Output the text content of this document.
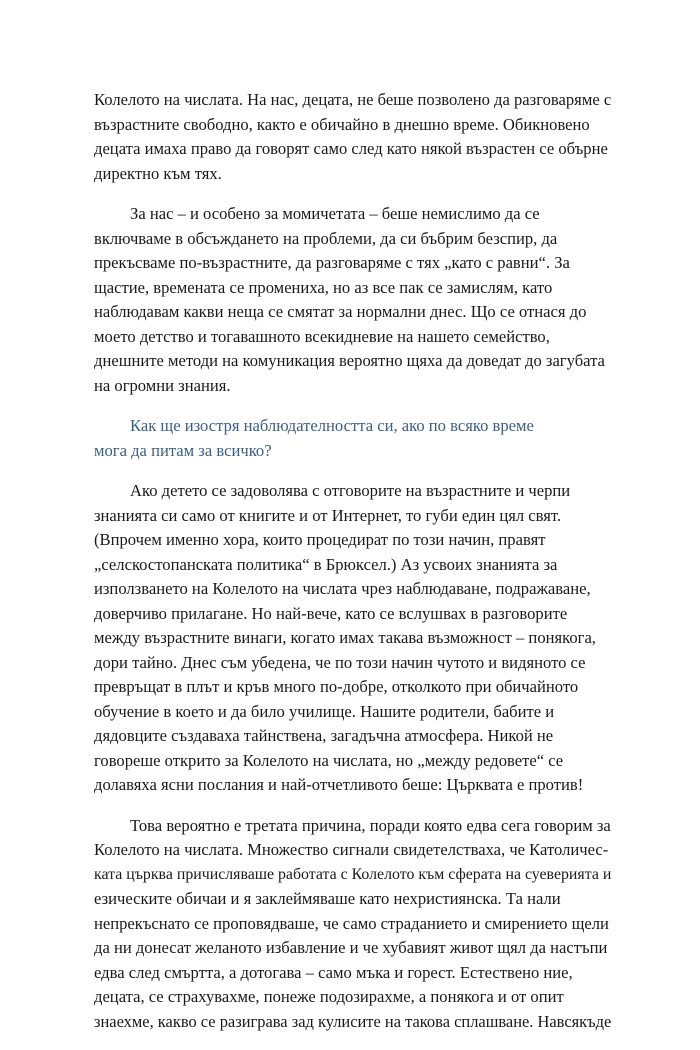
Колелото на числата. На нас, децата, не беше позволено да разговаряме с
възрастните свободно, както е обичайно в днешно време. Обикновено
децата имаха право да говорят само след като някой възрастен се обърне
директно към тях.

За нас – и особено за момичетата – беше немислимо да се
включваме в обсъждането на проблеми, да си бъбрим безспир, да
прекъсваме по-възрастните, да разговаряме с тях „като с равни“. За
щастие, времената се промениха, но аз все пак се замислям, като
наблюдавам какви неща се смятат за нормални днес. Що се отнася до
моето детство и тогавашното всекидневие на нашето семейство,
днешните методи на комуникация вероятно щяха да доведат до загубата
на огромни знания.

Как ще изостря наблюдателността си, ако по всяко време
мога да питам за всичко?

Ако детето се задоволява с отговорите на възрастните и черпи
знанията си само от книгите и от Интернет, то губи един цял свят.
(Впрочем именно хора, които процедират по този начин, правят
„селскостопанската политика“ в Брюксел.) Аз усвоих знанията за
използването на Колелото на числата чрез наблюдаване, подражаване,
доверчиво прилагане. Но най-вече, като се вслушвах в разговорите
между възрастните винаги, когато имах такава възможност – понякога,
дори тайно. Днес съм убедена, че по този начин чутото и видяното се
превръщат в плът и кръв много по-добре, отколкото при обичайното
обучение в което и да било училище. Нашите родители, бабите и
дядовците създаваха тайнствена, загадъчна атмосфера. Никой не
говореше открито за Колелото на числата, но „между редовете“ се
долавяха ясни послания и най-отчетливото беше: Църквата е против!

Това вероятно е третата причина, поради която едва сега говорим за
Колелото на числата. Множество сигнали свидетелстваха, че Католичес-
ката църква причисляваше работата с Колелото към сферата на суеверията и
езическите обичаи и я заклеймяваше като нехристиянска. Та нали
непрекъснато се проповядваше, че само страданието и смирението щели
да ни донесат желаното избавление и че хубавият живот щял да настъпи
едва след смъртта, а дотогава – само мъка и горест. Естествено ние,
децата, се страхувахме, понеже подозирахме, а понякога и от опит
знаехме, какво се разиграва зад кулисите на такова сплашване. Навсякъде
